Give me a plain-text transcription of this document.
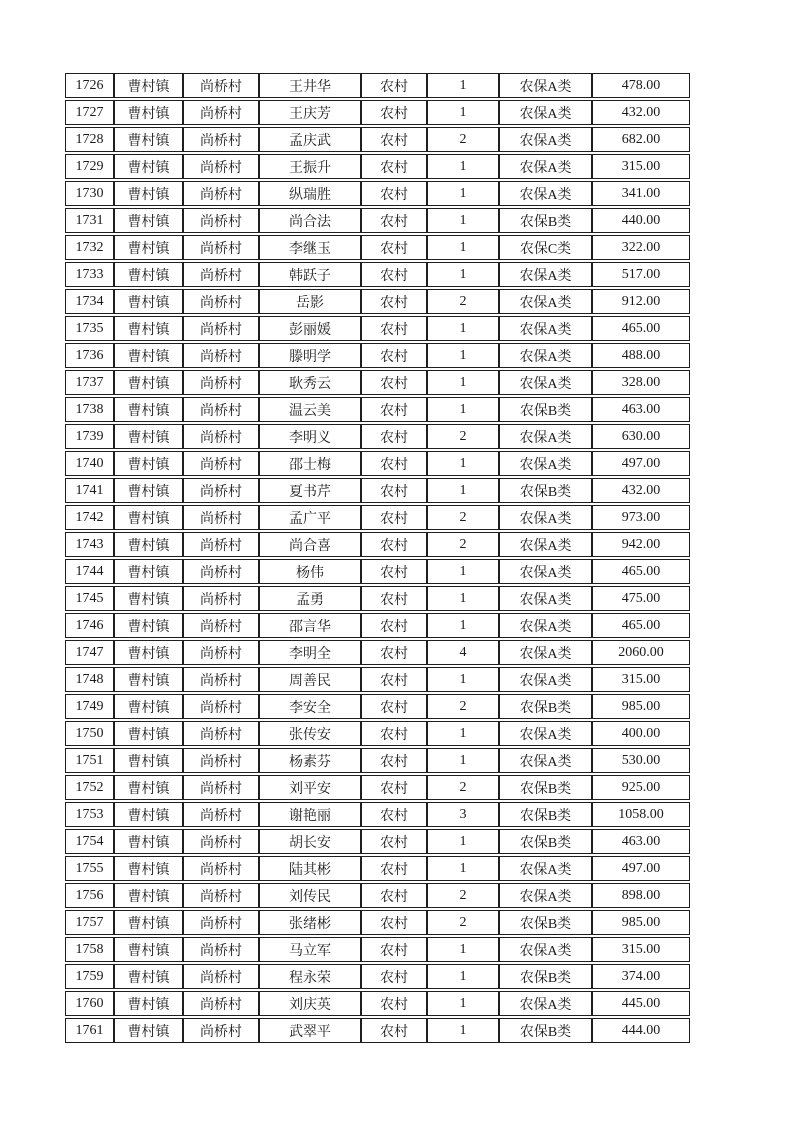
1726	曹村镇	尚桥村	王井华	农村	1	农保A类	478.00
1727	曹村镇	尚桥村	王庆芳	农村	1	农保A类	432.00
1728	曹村镇	尚桥村	孟庆武	农村	2	农保A类	682.00
1729	曹村镇	尚桥村	王振升	农村	1	农保A类	315.00
1730	曹村镇	尚桥村	纵瑞胜	农村	1	农保A类	341.00
1731	曹村镇	尚桥村	尚合法	农村	1	农保B类	440.00
1732	曹村镇	尚桥村	李继玉	农村	1	农保C类	322.00
1733	曹村镇	尚桥村	韩跃子	农村	1	农保A类	517.00
1734	曹村镇	尚桥村	岳影	农村	2	农保A类	912.00
1735	曹村镇	尚桥村	彭丽媛	农村	1	农保A类	465.00
1736	曹村镇	尚桥村	滕明学	农村	1	农保A类	488.00
1737	曹村镇	尚桥村	耿秀云	农村	1	农保A类	328.00
1738	曹村镇	尚桥村	温云美	农村	1	农保B类	463.00
1739	曹村镇	尚桥村	李明义	农村	2	农保A类	630.00
1740	曹村镇	尚桥村	邵士梅	农村	1	农保A类	497.00
1741	曹村镇	尚桥村	夏书芹	农村	1	农保B类	432.00
1742	曹村镇	尚桥村	孟广平	农村	2	农保A类	973.00
1743	曹村镇	尚桥村	尚合喜	农村	2	农保A类	942.00
1744	曹村镇	尚桥村	杨伟	农村	1	农保A类	465.00
1745	曹村镇	尚桥村	孟勇	农村	1	农保A类	475.00
1746	曹村镇	尚桥村	邵言华	农村	1	农保A类	465.00
1747	曹村镇	尚桥村	李明全	农村	4	农保A类	2060.00
1748	曹村镇	尚桥村	周善民	农村	1	农保A类	315.00
1749	曹村镇	尚桥村	李安全	农村	2	农保B类	985.00
1750	曹村镇	尚桥村	张传安	农村	1	农保A类	400.00
1751	曹村镇	尚桥村	杨素芬	农村	1	农保A类	530.00
1752	曹村镇	尚桥村	刘平安	农村	2	农保B类	925.00
1753	曹村镇	尚桥村	谢艳丽	农村	3	农保B类	1058.00
1754	曹村镇	尚桥村	胡长安	农村	1	农保B类	463.00
1755	曹村镇	尚桥村	陆其彬	农村	1	农保A类	497.00
1756	曹村镇	尚桥村	刘传民	农村	2	农保A类	898.00
1757	曹村镇	尚桥村	张绪彬	农村	2	农保B类	985.00
1758	曹村镇	尚桥村	马立军	农村	1	农保A类	315.00
1759	曹村镇	尚桥村	程永荣	农村	1	农保B类	374.00
1760	曹村镇	尚桥村	刘庆英	农村	1	农保A类	445.00
1761	曹村镇	尚桥村	武翠平	农村	1	农保B类	444.00
